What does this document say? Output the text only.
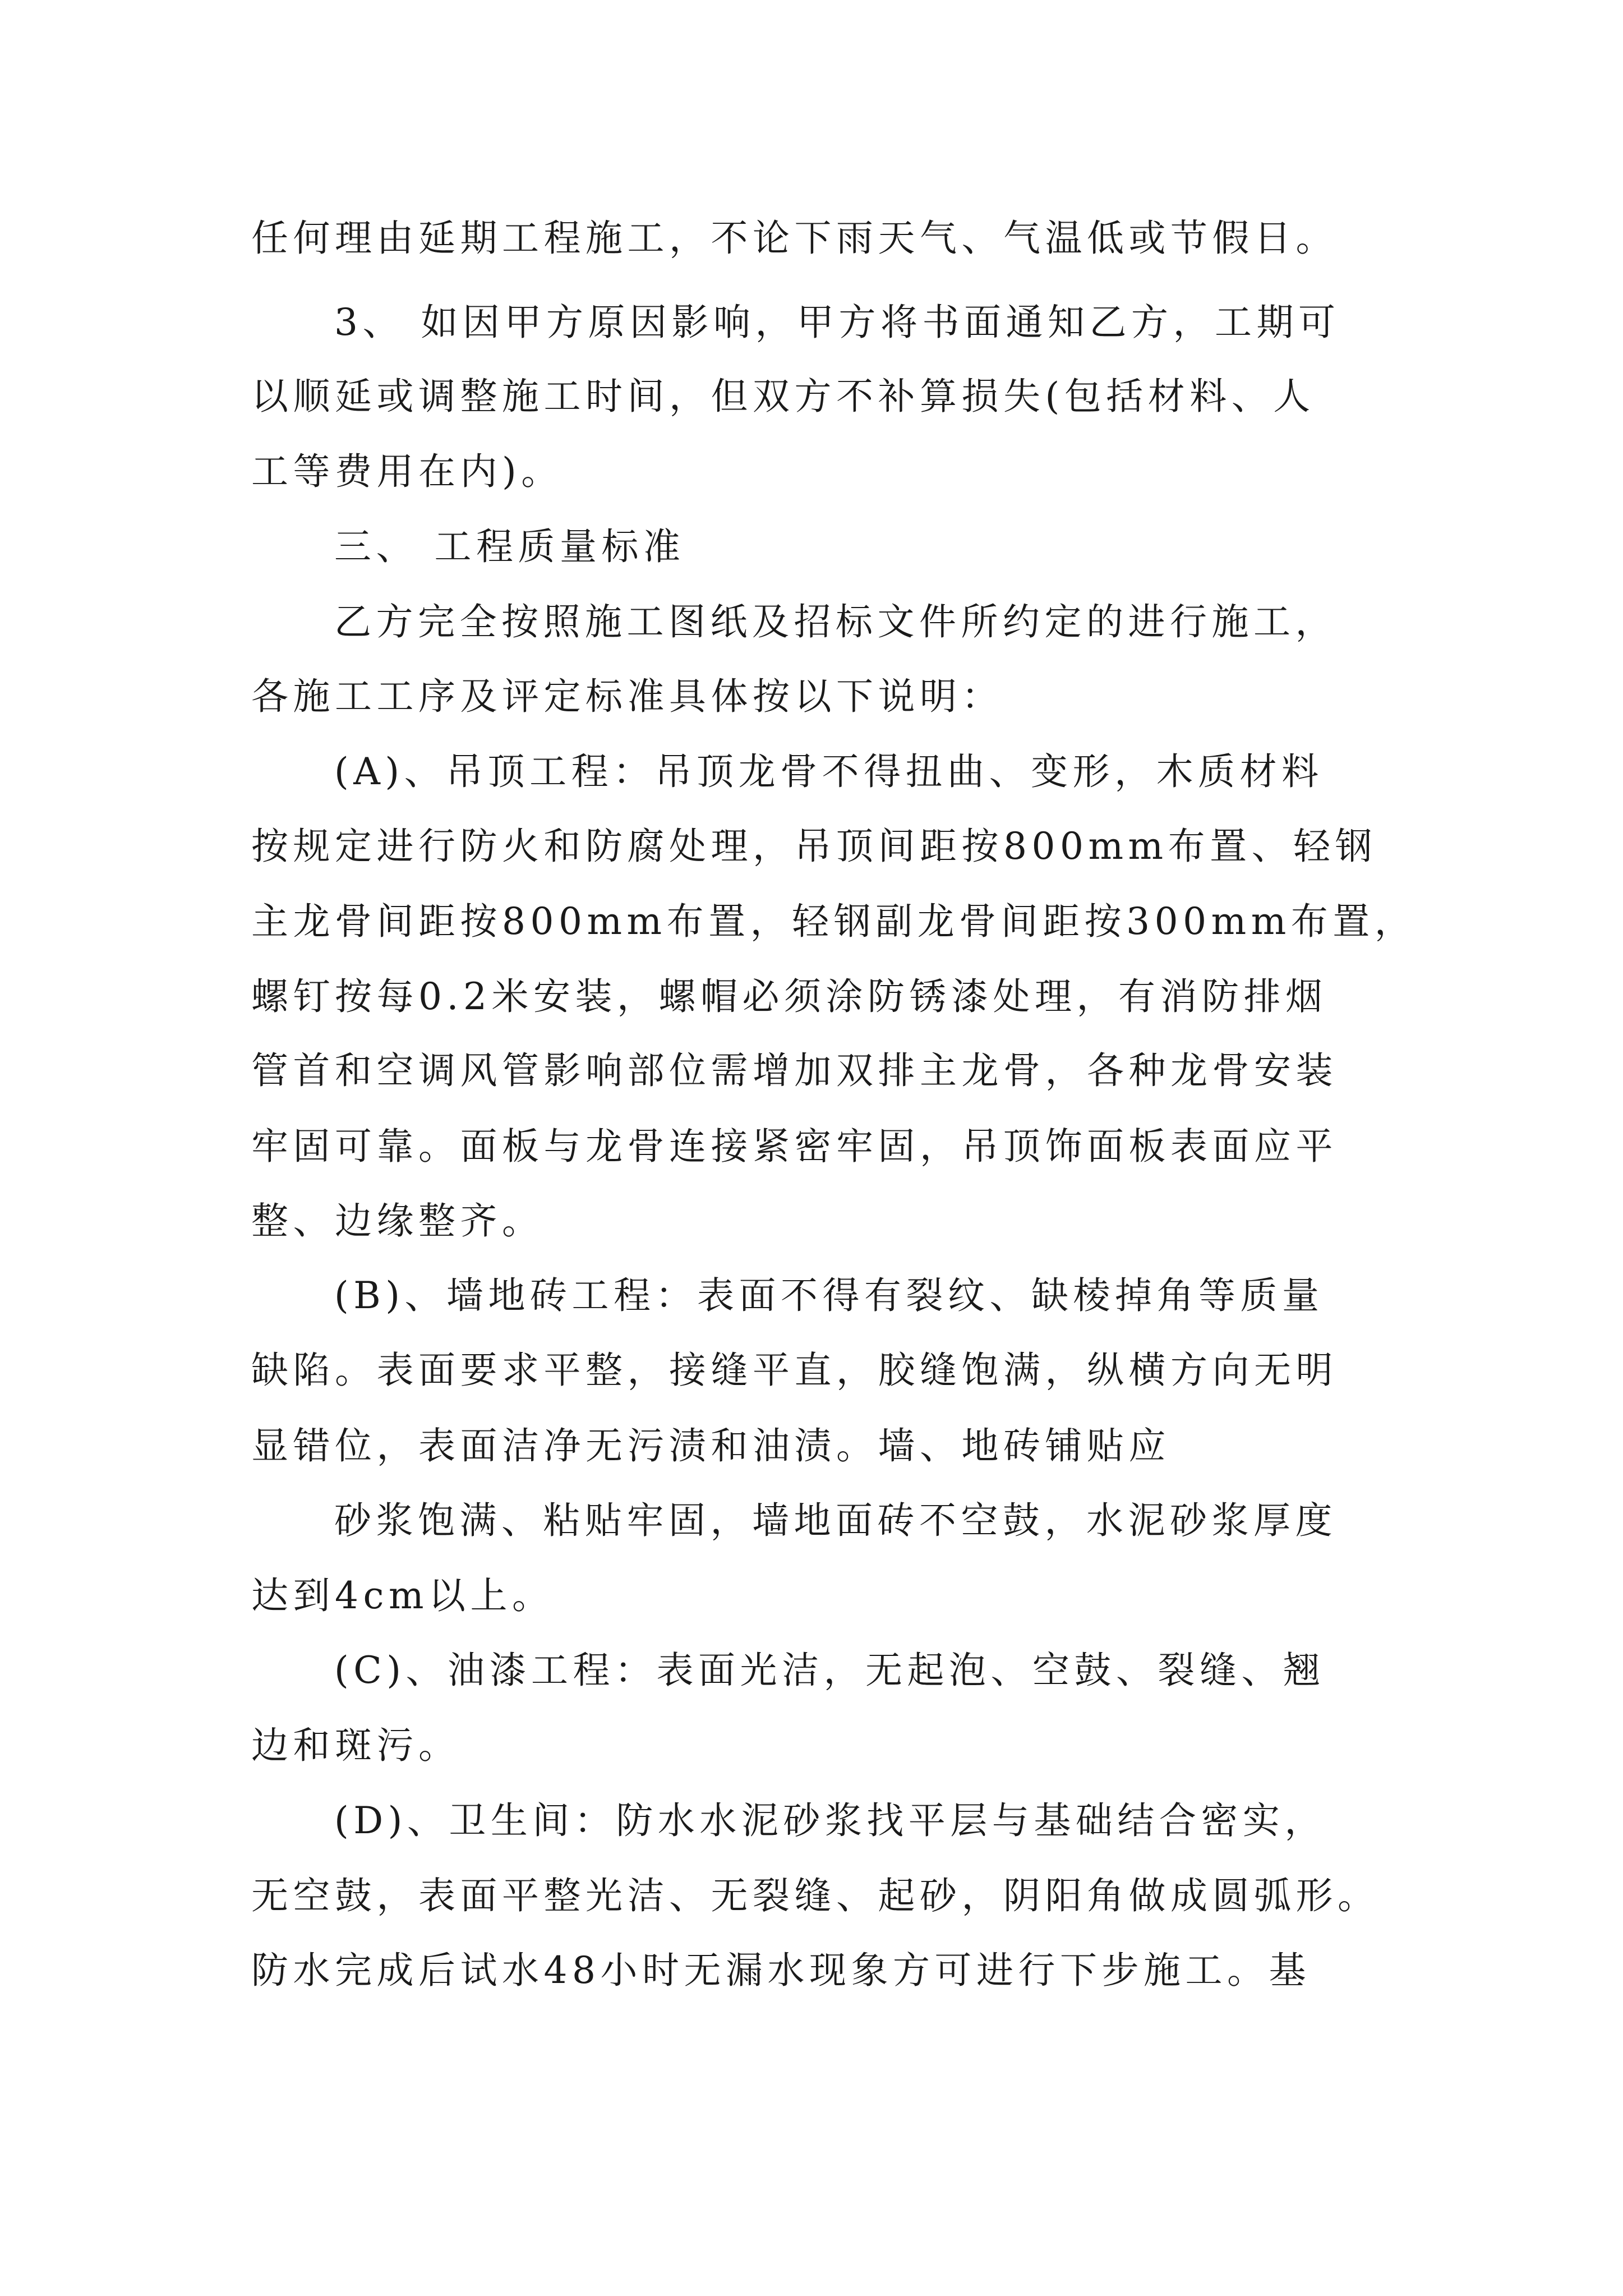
任何理由延期工程施工，不论下雨天气、气温低或节假日。
3、 如因甲方原因影响，甲方将书面通知乙方，工期可
以顺延或调整施工时间，但双方不补算损失(包括材料、人
工等费用在内)。
三、 工程质量标准
乙方完全按照施工图纸及招标文件所约定的进行施工，
各施工工序及评定标准具体按以下说明：
(A)、吊顶工程：吊顶龙骨不得扭曲、变形，木质材料
按规定进行防火和防腐处理，吊顶间距按800mm布置、轻钢
主龙骨间距按800mm布置，轻钢副龙骨间距按300mm布置，
螺钉按每0.2米安装，螺帽必须涂防锈漆处理，有消防排烟
管首和空调风管影响部位需增加双排主龙骨，各种龙骨安装
牢固可靠。面板与龙骨连接紧密牢固，吊顶饰面板表面应平
整、边缘整齐。
(B)、墙地砖工程：表面不得有裂纹、缺棱掉角等质量
缺陷。表面要求平整，接缝平直，胶缝饱满，纵横方向无明
显错位，表面洁净无污渍和油渍。墙、地砖铺贴应
砂浆饱满、粘贴牢固，墙地面砖不空鼓，水泥砂浆厚度
达到4cm以上。
(C)、油漆工程：表面光洁，无起泡、空鼓、裂缝、翘
边和斑污。
(D)、卫生间：防水水泥砂浆找平层与基础结合密实，
无空鼓，表面平整光洁、无裂缝、起砂，阴阳角做成圆弧形。
防水完成后试水48小时无漏水现象方可进行下步施工。基
